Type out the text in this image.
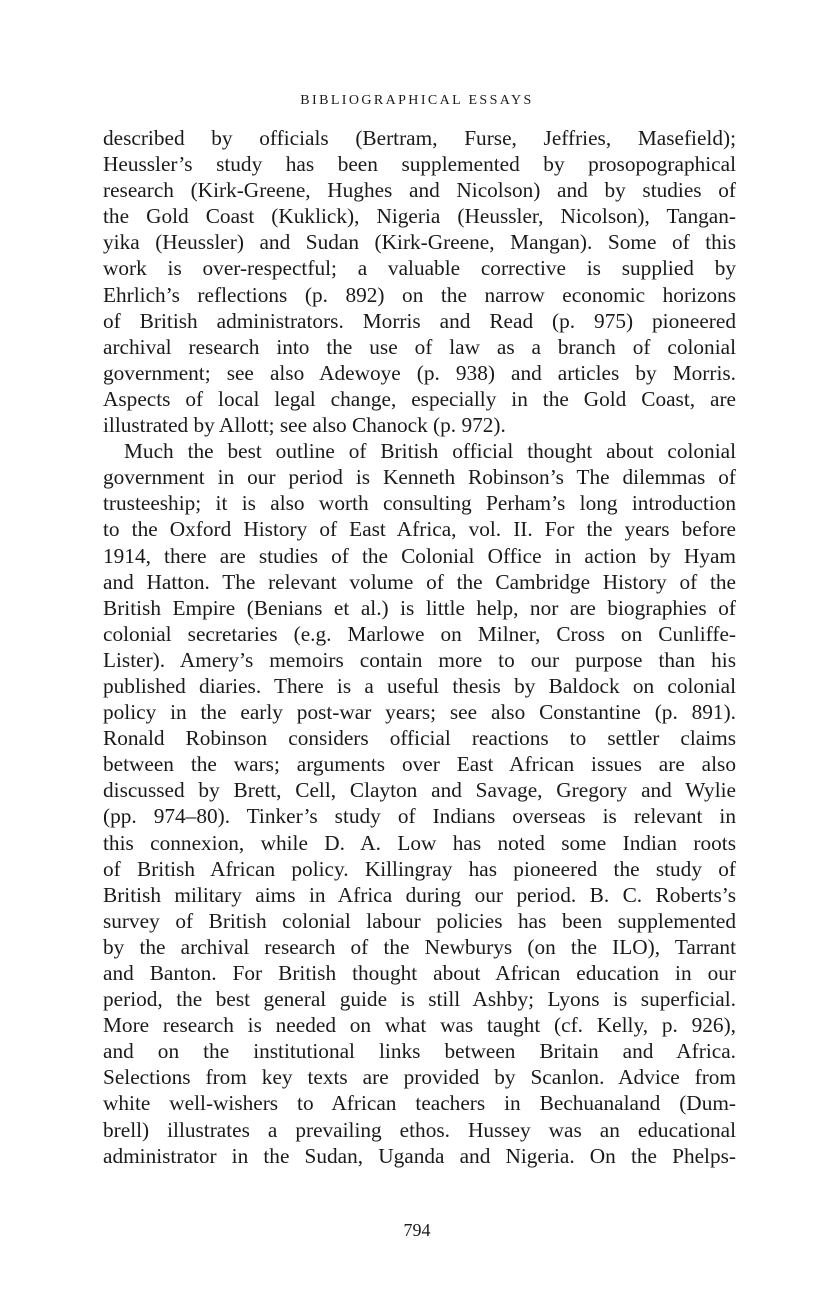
BIBLIOGRAPHICAL ESSAYS
described by officials (Bertram, Furse, Jeffries, Masefield);
Heussler’s study has been supplemented by prosopographical
research (Kirk-Greene, Hughes and Nicolson) and by studies of
the Gold Coast (Kuklick), Nigeria (Heussler, Nicolson), Tangan-
yika (Heussler) and Sudan (Kirk-Greene, Mangan). Some of this
work is over-respectful; a valuable corrective is supplied by
Ehrlich’s reflections (p. 892) on the narrow economic horizons
of British administrators. Morris and Read (p. 975) pioneered
archival research into the use of law as a branch of colonial
government; see also Adewoye (p. 938) and articles by Morris.
Aspects of local legal change, especially in the Gold Coast, are
illustrated by Allott; see also Chanock (p. 972).
Much the best outline of British official thought about colonial
government in our period is Kenneth Robinson’s The dilemmas of
trusteeship; it is also worth consulting Perham’s long introduction
to the Oxford History of East Africa, vol. II. For the years before
1914, there are studies of the Colonial Office in action by Hyam
and Hatton. The relevant volume of the Cambridge History of the
British Empire (Benians et al.) is little help, nor are biographies of
colonial secretaries (e.g. Marlowe on Milner, Cross on Cunliffe-
Lister). Amery’s memoirs contain more to our purpose than his
published diaries. There is a useful thesis by Baldock on colonial
policy in the early post-war years; see also Constantine (p. 891).
Ronald Robinson considers official reactions to settler claims
between the wars; arguments over East African issues are also
discussed by Brett, Cell, Clayton and Savage, Gregory and Wylie
(pp. 974–80). Tinker’s study of Indians overseas is relevant in
this connexion, while D. A. Low has noted some Indian roots
of British African policy. Killingray has pioneered the study of
British military aims in Africa during our period. B. C. Roberts’s
survey of British colonial labour policies has been supplemented
by the archival research of the Newburys (on the ILO), Tarrant
and Banton. For British thought about African education in our
period, the best general guide is still Ashby; Lyons is superficial.
More research is needed on what was taught (cf. Kelly, p. 926),
and on the institutional links between Britain and Africa.
Selections from key texts are provided by Scanlon. Advice from
white well-wishers to African teachers in Bechuanaland (Dum-
brell) illustrates a prevailing ethos. Hussey was an educational
administrator in the Sudan, Uganda and Nigeria. On the Phelps-
794
